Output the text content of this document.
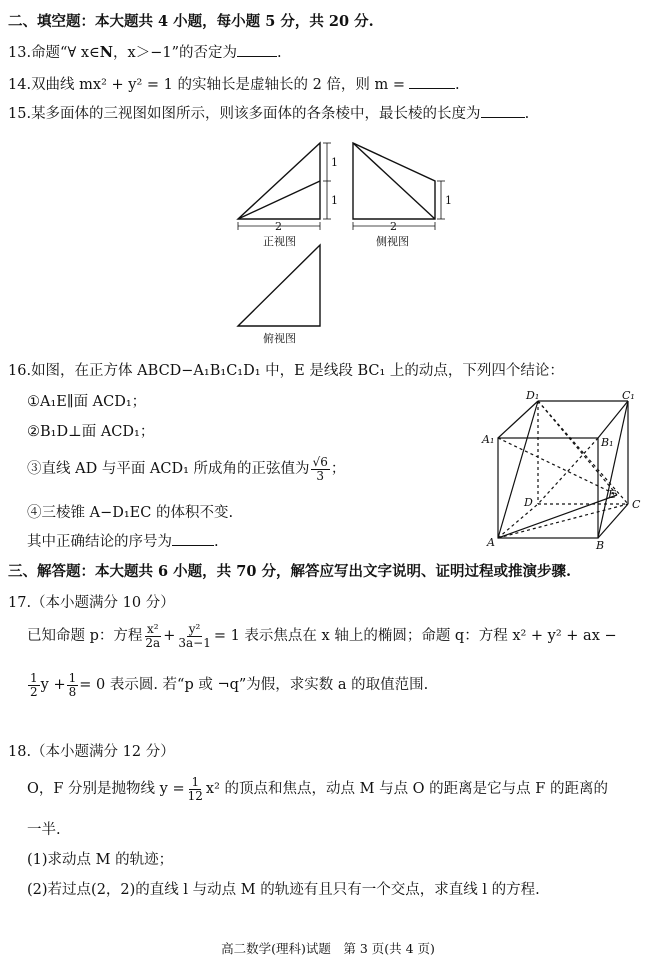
二、填空题：本大题共 4 小题，每小题 5 分，共 20 分.
13.命题“∀ x∈N，x＞−1”的否定为	.
14.双曲线 mx² + y² = 1 的实轴长是虚轴长的 2 倍，则 m =	.
15.某多面体的三视图如图所示，则该多面体的各条棱中，最长棱的长度为	.
2
1
1
2
1
正视图	侧视图
俯视图
16.如图，在正方体 ABCD−A₁B₁C₁D₁ 中，E 是线段 BC₁ 上的动点，下列四个结论：
①A₁E∥面 ACD₁；
②B₁D⊥面 ACD₁；
③直线 AD 与平面 ACD₁ 所成角的正弦值为 $\frac{√6}{3}$ ；
④三棱锥 A−D₁EC 的体积不变.
其中正确结论的序号为	.
D₁	C₁
A₁	B₁
D
E
C
A	B
三、解答题：本大题共 6 小题，共 70 分，解答应写出文字说明、证明过程或推演步骤.
17.（本小题满分 10 分）
已知命题 p：方程 $\frac{\text{x²}}{2a} + \frac{\text{y²}}{3a-1} = 1$ 表示焦点在 x 轴上的椭圆；命题 q：方程 x² + y² + ax −
$\frac{1}{2}$ $y + \frac{1}{8} = 0$ 表示圆. 若“p 或 ¬q”为假，求实数 a 的取值范围.
18.（本小题满分 12 分）
O，F 分别是抛物线 $y = \frac{1}{12} x^2$ 的顶点和焦点，动点 M 与点 O 的距离是它与点 F 的距离的
一半.
(1)求动点 M 的轨迹；
(2)若过点(2，2)的直线 l 与动点 M 的轨迹有且只有一个交点，求直线 l 的方程.
高二数学(理科)试题　第 3 页(共 4 页)
